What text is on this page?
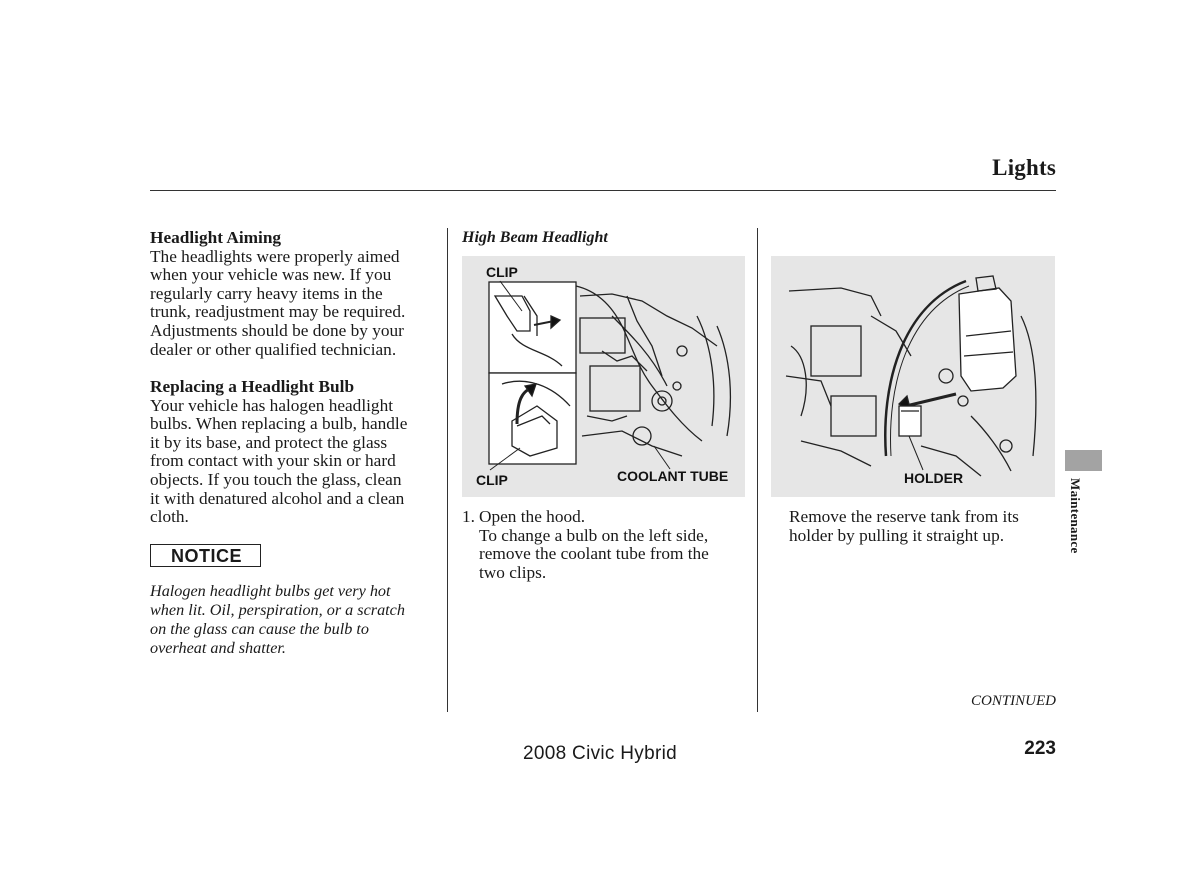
Lights
Headlight Aiming

The headlights were properly aimed

when your vehicle was new. If you

regularly carry heavy items in the

trunk, readjustment may be required.

Adjustments should be done by your

dealer or other qualified technician.

Replacing a Headlight Bulb

Your vehicle has halogen headlight

bulbs. When replacing a bulb, handle

it by its base, and protect the glass

from contact with your skin or hard

objects. If you touch the glass, clean

it with denatured alcohol and a clean

cloth.

NOTICE
Halogen headlight bulbs get very hot
when lit. Oil, perspiration, or a scratch
on the glass can cause the bulb to
overheat and shatter.
High Beam Headlight
CLIP
CLIP	COOLANT TUBE
1. Open the hood.

To change a bulb on the left side,

remove the coolant tube from the

two clips.

HOLDER

Remove the reserve tank from its

holder by pulling it straight up.	Maintenance
CONTINUED
223
2008 Civic Hybrid
